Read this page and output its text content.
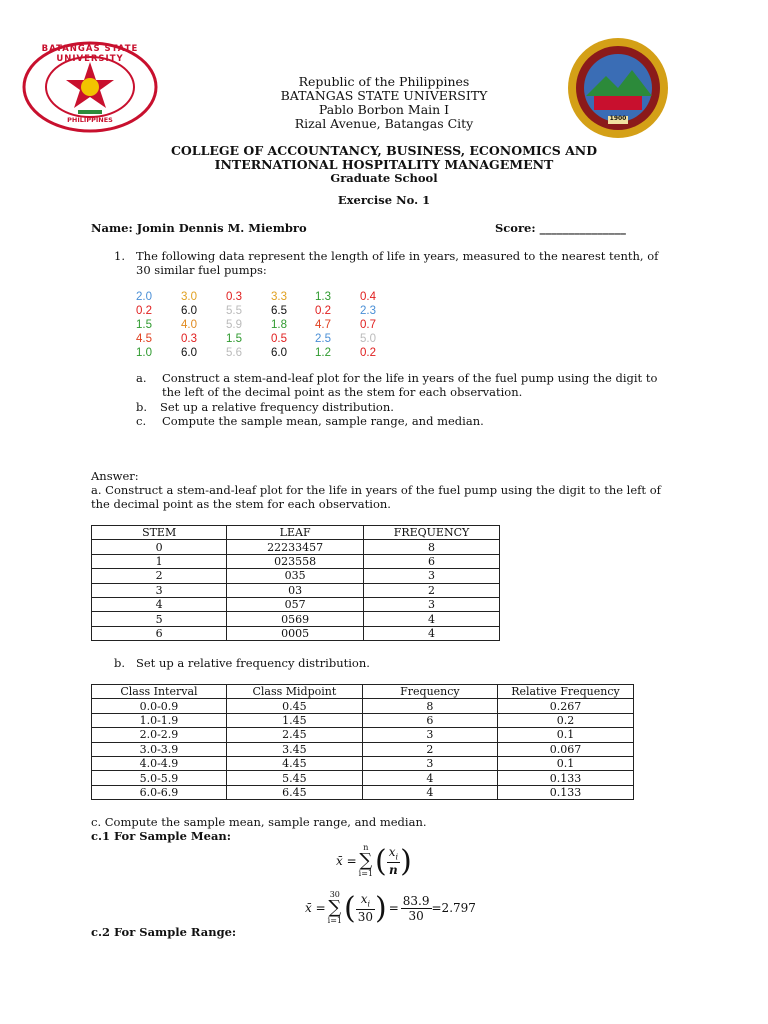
BATANGAS STATE UNIVERSITY
PHILIPPINES	1900
Republic of the Philippines
BATANGAS STATE UNIVERSITY
Pablo Borbon Main I
Rizal Avenue, Batangas City
COLLEGE OF ACCOUNTANCY, BUSINESS, ECONOMICS AND
INTERNATIONAL HOSPITALITY MANAGEMENT
Graduate School
Exercise No. 1
Name: Jomin Dennis M. Miembro	Score: _______________
1. The following data represent the length of life in years, measured to the nearest tenth, of
30 similar fuel pumps:
2.0	3.0	0.3	3.3	1.3	0.4
0.2	6.0	5.5	6.5	0.2	2.3
1.5	4.0	5.9	1.8	4.7	0.7
4.5	0.3	1.5	0.5	2.5	5.0
1.0	6.0	5.6	6.0	1.2	0.2
a. Construct a stem-and-leaf plot for the life in years of the fuel pump using the digit to
the left of the decimal point as the stem for each observation.
b. Set up a relative frequency distribution.
c. Compute the sample mean, sample range, and median.
Answer:
a. Construct a stem-and-leaf plot for the life in years of the fuel pump using the digit to the left of
the decimal point as the stem for each observation.
STEM	LEAF	FREQUENCY
0	22233457	8
1	023558	6
2	035	3
3	03	2
4	057	3
5	0569	4
6	0005	4
b.   Set up a relative frequency distribution.
Class Interval	Class Midpoint	Frequency	Relative Frequency
0.0-0.9	0.45	8	0.267
1.0-1.9	1.45	6	0.2
2.0-2.9	2.45	3	0.1
3.0-3.9	3.45	2	0.067
4.0-4.9	4.45	3	0.1
5.0-5.9	5.45	4	0.133
6.0-6.9	6.45	4	0.133
c. Compute the sample mean, sample range, and median.
c.1 For Sample Mean:
x̄ =
n
∑
i=1 ( $\frac{x_i}{n}$ )
x̄ =
30
∑
i=1 ( $\frac{x_i}{30}$ ) = $\frac{83.9}{30} =2.797$
c.2 For Sample Range:
